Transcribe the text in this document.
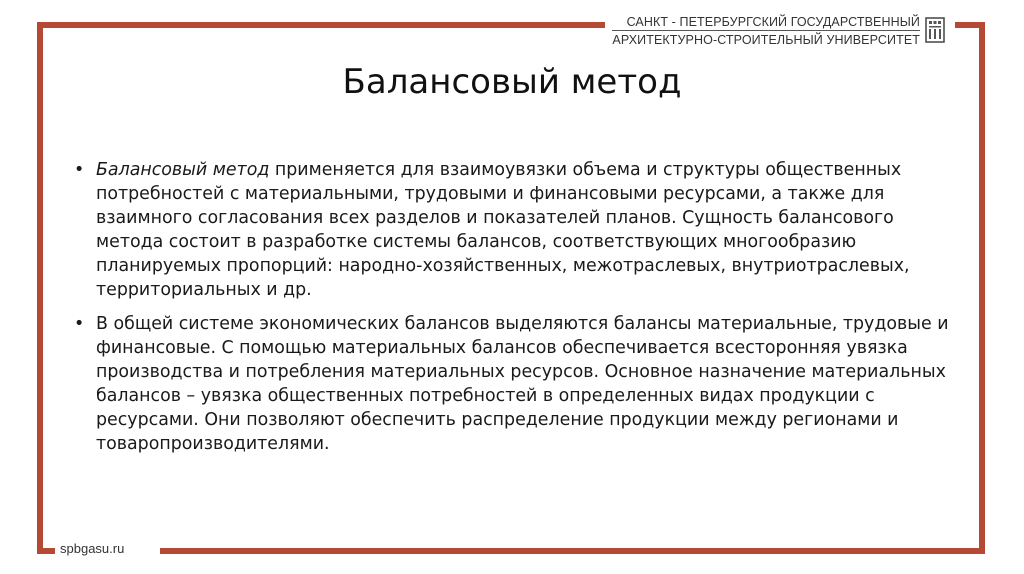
САНКТ - ПЕТЕРБУРГСКИЙ ГОСУДАРСТВЕННЫЙ
АРХИТЕКТУРНО-СТРОИТЕЛЬНЫЙ УНИВЕРСИТЕТ
Балансовый метод
• Балансовый метод применяется для взаимоувязки объема и структуры общественных потребностей с материальными, трудовыми и финансовыми ресурсами, а также для взаимного согласования всех разделов и показателей планов. Сущность балансового метода состоит в разработке системы балансов, соответствующих многообразию планируемых пропорций: народно-хозяйственных, межотраслевых, внутриотраслевых, территориальных и др.
• В общей системе экономических балансов выделяются балансы материальные, трудовые и финансовые. С помощью материальных балансов обеспечивается всесторонняя увязка производства и потребления материальных ресурсов. Основное назначение материальных балансов – увязка общественных потребностей в определенных видах продукции с ресурсами. Они позволяют обеспечить распределение продукции между регионами и товаропроизводителями.
spbgasu.ru
